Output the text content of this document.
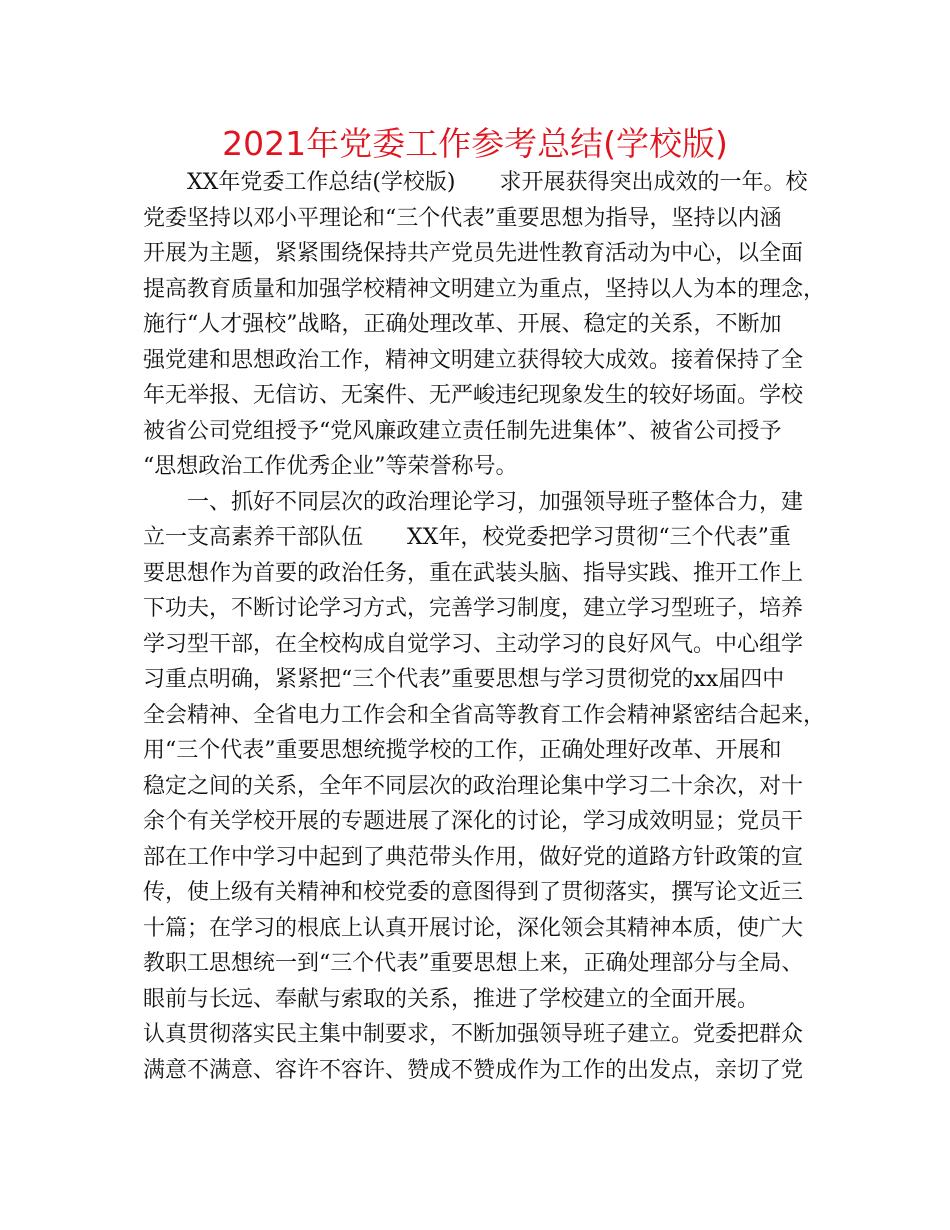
2021年党委工作参考总结(学校版)
XX年党委工作总结(学校版) 求开展获得突出成效的一年。校
党委坚持以邓小平理论和“三个代表”重要思想为指导，坚持以内涵
开展为主题，紧紧围绕保持共产党员先进性教育活动为中心，以全面
提高教育质量和加强学校精神文明建立为重点，坚持以人为本的理念，
施行“人才强校”战略，正确处理改革、开展、稳定的关系，不断加
强党建和思想政治工作，精神文明建立获得较大成效。接着保持了全
年无举报、无信访、无案件、无严峻违纪现象发生的较好场面。学校
被省公司党组授予“党风廉政建立责任制先进集体”、被省公司授予
“思想政治工作优秀企业”等荣誉称号。
一、抓好不同层次的政治理论学习，加强领导班子整体合力，建
立一支高素养干部队伍 XX年，校党委把学习贯彻“三个代表”重
要思想作为首要的政治任务，重在武装头脑、指导实践、推开工作上
下功夫，不断讨论学习方式，完善学习制度，建立学习型班子，培养
学习型干部，在全校构成自觉学习、主动学习的良好风气。中心组学
习重点明确，紧紧把“三个代表”重要思想与学习贯彻党的xx届四中
全会精神、全省电力工作会和全省高等教育工作会精神紧密结合起来，
用“三个代表”重要思想统揽学校的工作，正确处理好改革、开展和
稳定之间的关系，全年不同层次的政治理论集中学习二十余次，对十
余个有关学校开展的专题进展了深化的讨论，学习成效明显；党员干
部在工作中学习中起到了典范带头作用，做好党的道路方针政策的宣
传，使上级有关精神和校党委的意图得到了贯彻落实，撰写论文近三
十篇；在学习的根底上认真开展讨论，深化领会其精神本质，使广大
教职工思想统一到“三个代表”重要思想上来，正确处理部分与全局、
眼前与长远、奉献与索取的关系，推进了学校建立的全面开展。
认真贯彻落实民主集中制要求，不断加强领导班子建立。党委把群众
满意不满意、容许不容许、赞成不赞成作为工作的出发点，亲切了党
